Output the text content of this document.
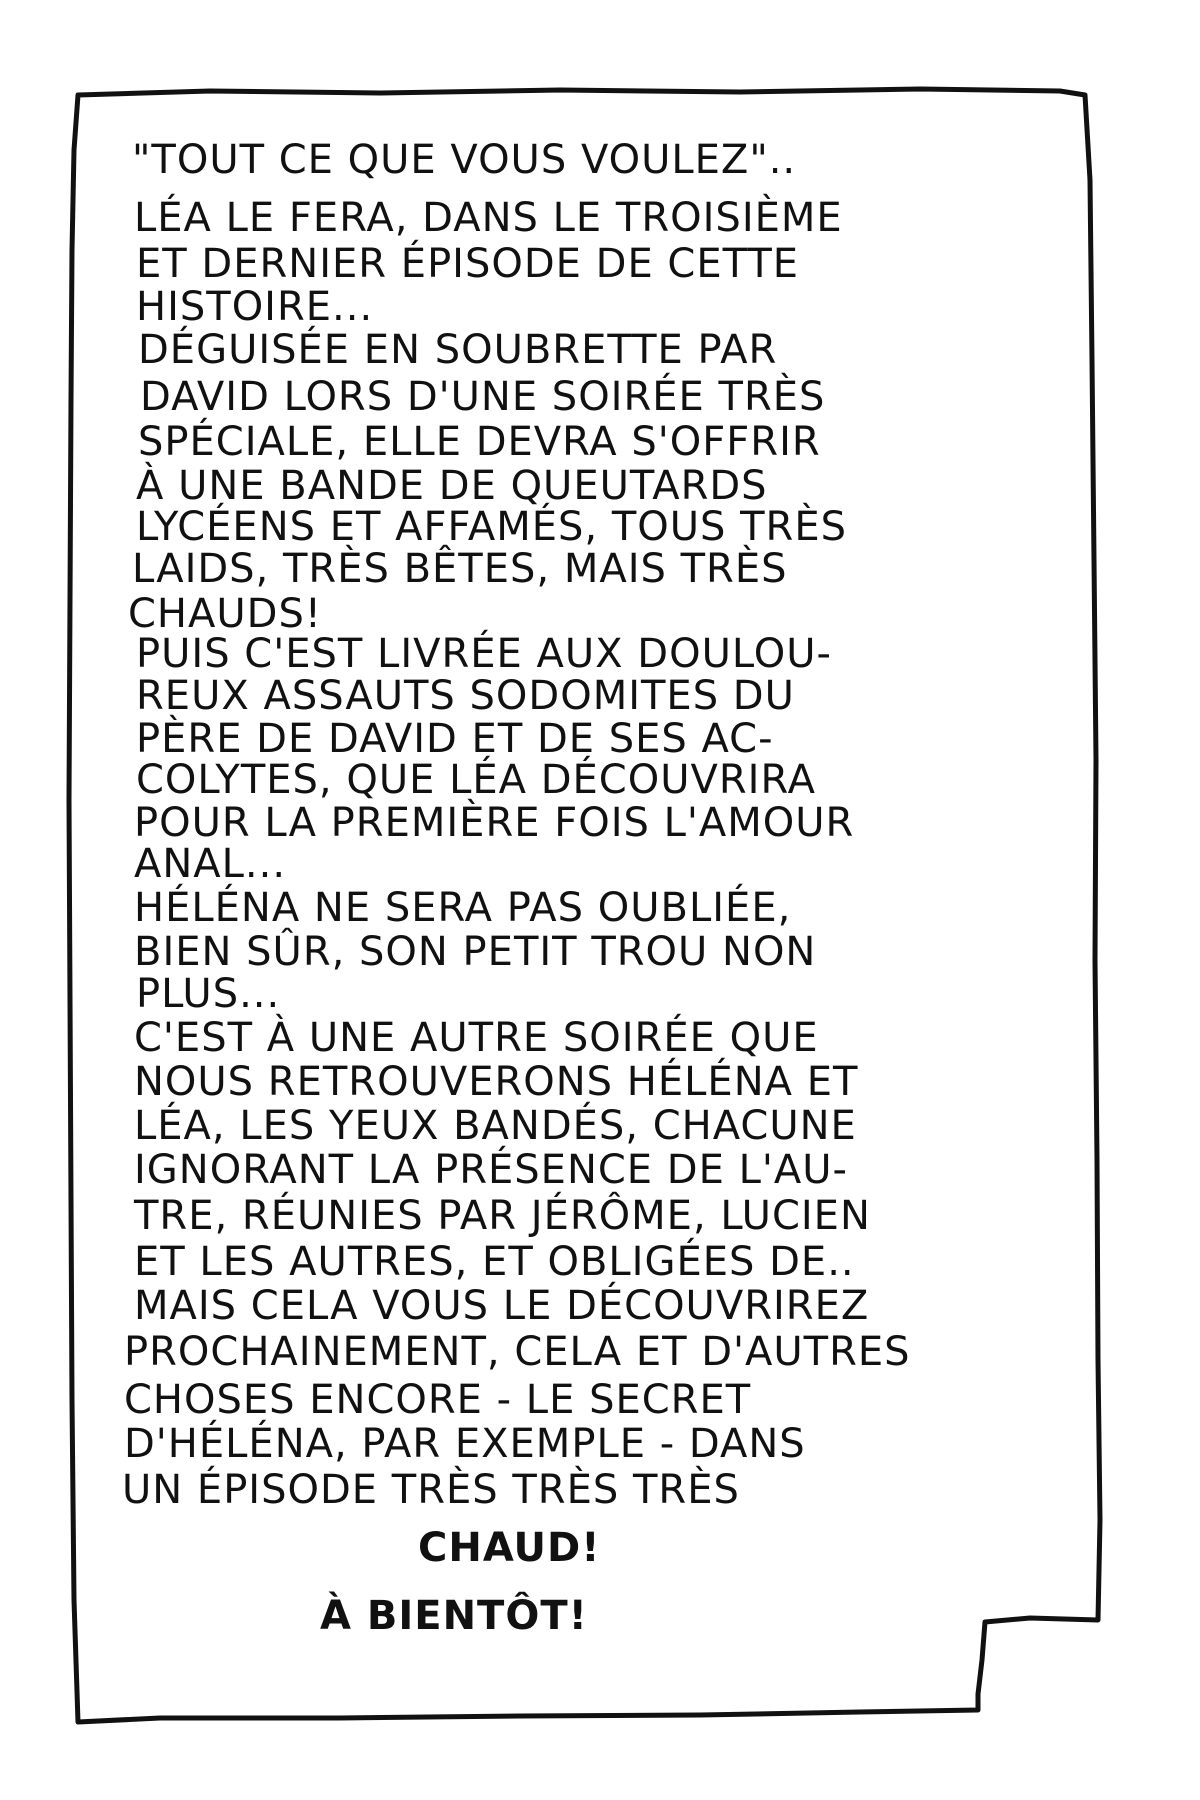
"TOUT CE QUE VOUS VOULEZ"..
LÉA LE FERA, DANS LE TROISIÈME
ET DERNIER ÉPISODE DE CETTE
HISTOIRE...
DÉGUISÉE EN SOUBRETTE PAR
DAVID LORS D'UNE SOIRÉE TRÈS
SPÉCIALE, ELLE DEVRA S'OFFRIR
À UNE BANDE DE QUEUTARDS
LYCÉENS ET AFFAMÉS, TOUS TRÈS
LAIDS, TRÈS BÊTES, MAIS TRÈS
CHAUDS!
PUIS C'EST LIVRÉE AUX DOULOU-
REUX ASSAUTS SODOMITES DU
PÈRE DE DAVID ET DE SES AC-
COLYTES, QUE LÉA DÉCOUVRIRA
POUR LA PREMIÈRE FOIS L'AMOUR
ANAL...
HÉLÉNA NE SERA PAS OUBLIÉE,
BIEN SÛR, SON PETIT TROU NON
PLUS...
C'EST À UNE AUTRE SOIRÉE QUE
NOUS RETROUVERONS HÉLÉNA ET
LÉA, LES YEUX BANDÉS, CHACUNE
IGNORANT LA PRÉSENCE DE L'AU-
TRE, RÉUNIES PAR JÉRÔME, LUCIEN
ET LES AUTRES, ET OBLIGÉES DE..
MAIS CELA VOUS LE DÉCOUVRIREZ
PROCHAINEMENT, CELA ET D'AUTRES
CHOSES ENCORE - LE SECRET
D'HÉLÉNA, PAR EXEMPLE - DANS
UN ÉPISODE TRÈS TRÈS TRÈS
CHAUD!
À BIENTÔT!
